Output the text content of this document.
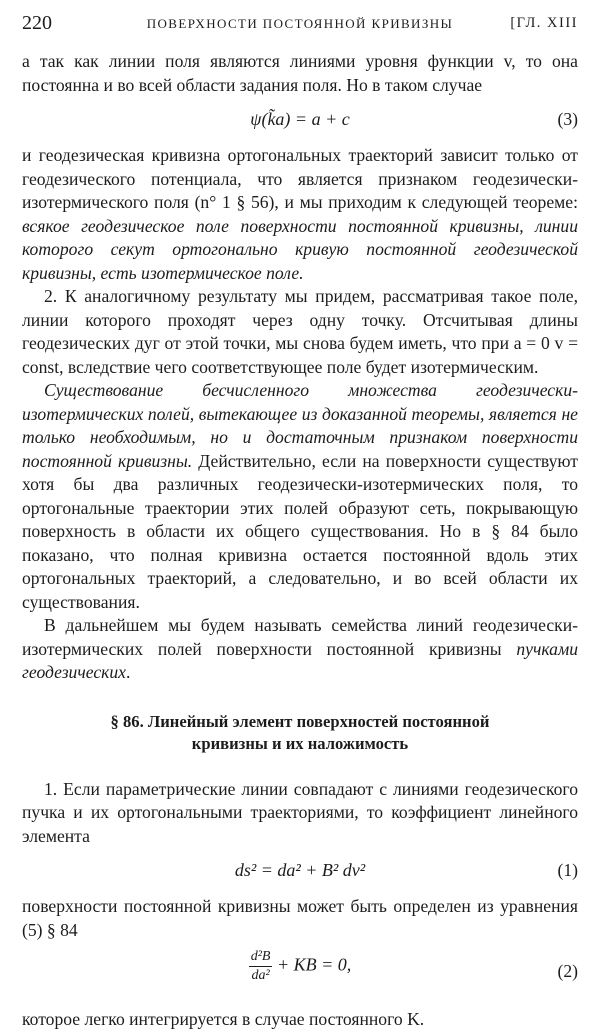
220	ПОВЕРХНОСТИ ПОСТОЯННОЙ КРИВИЗНЫ	[ГЛ. XIII

а так как линии поля являются линиями уровня функции v, то она постоянна и во всей области задания поля. Но в таком случае

ψ(k͂a) = a + c	(3)

и геодезическая кривизна ортогональных траекторий зависит только от геодезического потенциала, что является признаком геодезически-изотермического поля (n° 1 § 56), и мы приходим к следующей теореме: всякое геодезическое поле поверхности постоянной кривизны, линии которого секут ортогонально кривую постоянной геодезической кривизны, есть изотермическое поле.

2. К аналогичному результату мы придем, рассматривая такое поле, линии которого проходят через одну точку. Отсчитывая длины геодезических дуг от этой точки, мы снова будем иметь, что при a = 0 v = const, вследствие чего соответствующее поле будет изотермическим.

Существование бесчисленного множества геодезически-изотермических полей, вытекающее из доказанной теоремы, является не только необходимым, но и достаточным признаком поверхности постоянной кривизны. Действительно, если на поверхности существуют хотя бы два различных геодезически-изотермических поля, то ортогональные траектории этих полей образуют сеть, покрывающую поверхность в области их общего существования. Но в § 84 было показано, что полная кривизна остается постоянной вдоль этих ортогональных траекторий, а следовательно, и во всей области их существования.

В дальнейшем мы будем называть семейства линий геодезически-изотермических полей поверхности постоянной кривизны пучками геодезических.

§ 86. Линейный элемент поверхностей постоянной
кривизны и их наложимость

1. Если параметрические линии совпадают с линиями геодезического пучка и их ортогональными траекториями, то коэффициент линейного элемента

ds² = da² + B² dv²	(1)

поверхности постоянной кривизны может быть определен из уравнения (5) § 84

$\frac{\text{d²B}}{\text{da²}}$ + KB = 0,	(2)

которое легко интегрируется в случае постоянного K.
